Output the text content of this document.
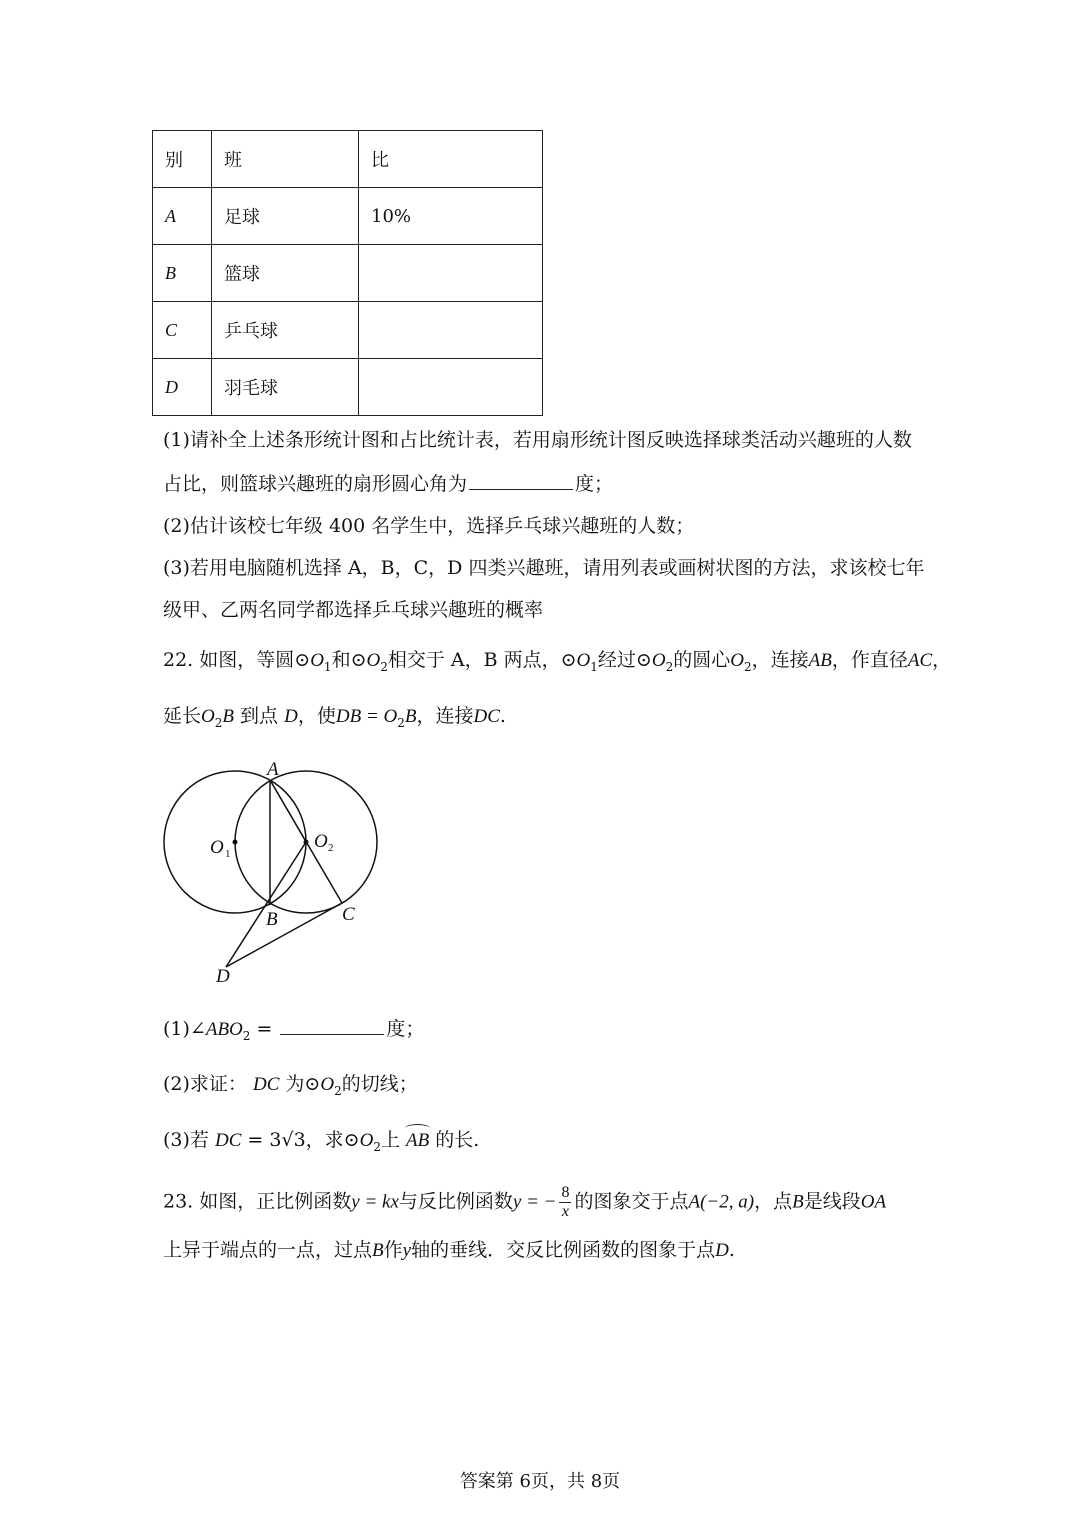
别	班	比
A	足球	10%
B	篮球	
C	乒乓球	
D	羽毛球	
(1)请补全上述条形统计图和占比统计表，若用扇形统计图反映选择球类活动兴趣班的人数
占比，则篮球兴趣班的扇形圆心角为	度；
(2)估计该校七年级 400 名学生中，选择乒乓球兴趣班的人数；
(3)若用电脑随机选择 A，B，C，D 四类兴趣班，请用列表或画树状图的方法，求该校七年
级甲、乙两名同学都选择乒乓球兴趣班的概率
22. 如图，等圆$⊙O_1$和$⊙O_2$相交于 A，B 两点，$⊙O_1$经过$⊙O_2$的圆心$O_2$，连接AB，作直径AC，
延长$O_2B$ 到点 D，使DB = $O_2B$，连接DC.
A
O 1
O 2
B	C
D
$(1)\angle ABO_2$ =	度；
(2)求证： DC 为$⊙O_2$的切线；
(3)若 DC = 3√3，求$⊙O_2$上 AB 的长.
23. 如图，正比例函数y = kx与反比例函数y = − $\frac{8}{x}$ 的图象交于点A(−2, a)，点B是线段OA
上异于端点的一点，过点B作y轴的垂线．交反比例函数的图象于点D.
答案第 6页，共 8页
